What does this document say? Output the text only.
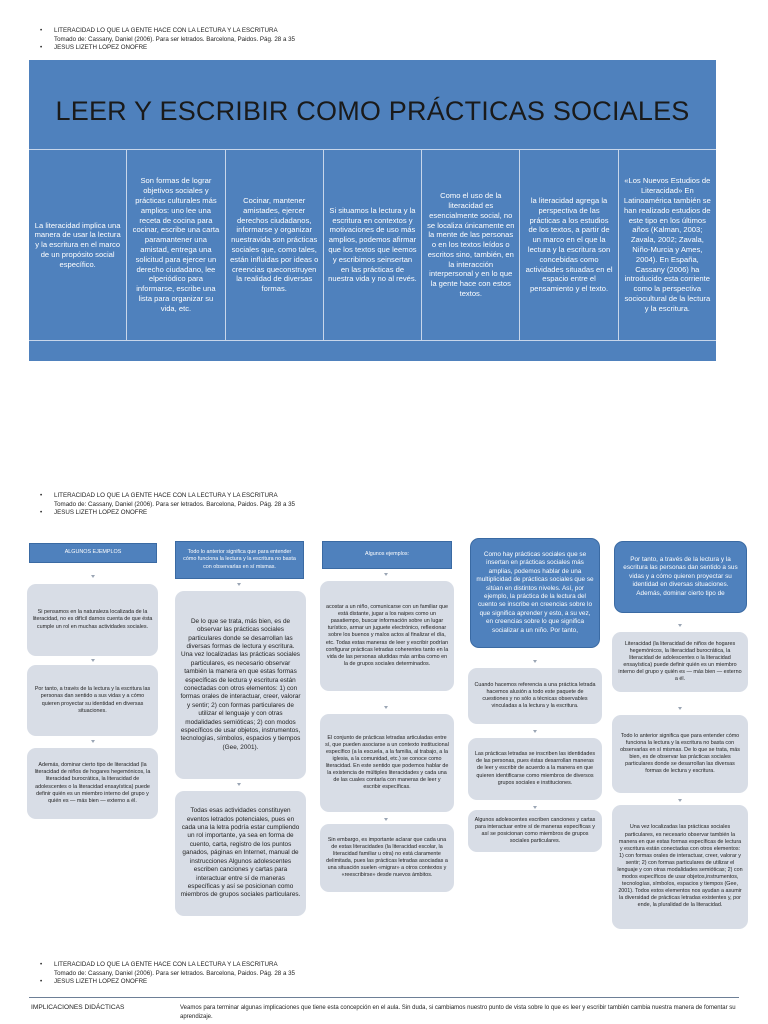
• LITERACIDAD LO QUE LA GENTE HACE CON LA LECTURA Y LA ESCRITURA
Tomado de: Cassany, Daniel (2006). Para ser letrados. Barcelona, Paidos. Pág. 28 a 35
• JESUS LIZETH LOPEZ ONOFRE
LEER Y ESCRIBIR COMO PRÁCTICAS SOCIALES
La literacidad implica una manera de usar la lectura y la escritura en el marco de un propósito social específico.
Son formas de lograr objetivos sociales y prácticas culturales más amplios: uno lee una receta de cocina para cocinar, escribe una carta paramantener una amistad, entrega una solicitud para ejercer un derecho ciudadano, lee elperiódico para informarse, escribe una lista para organizar su vida, etc.
Cocinar, mantener amistades, ejercer derechos ciudadanos, informarse y organizar nuestravida son prácticas sociales que, como tales, están influidas por ideas o creencias queconstruyen la realidad de diversas formas.
Si situamos la lectura y la escritura en contextos y motivaciones de uso más amplios, podemos afirmar que los textos que leemos y escribimos seinsertan en las prácticas de nuestra vida y no al revés.
Como el uso de la literacidad es esencialmente social, no se localiza únicamente en la mente de las personas o en los textos leídos o escritos sino, también, en la interacción interpersonal y en lo que la gente hace con estos textos.
la literacidad agrega la perspectiva de las prácticas a los estudios de los textos, a partir de un marco en el que la lectura y la escritura son concebidas como actividades situadas en el espacio entre el pensamiento y el texto.
«Los Nuevos Estudios de Literacidad» En Latinoamérica también se han realizado estudios de este tipo en los últimos años (Kalman, 2003; Zavala, 2002; Zavala, Niño-Murcia y Ames, 2004). En España, Cassany (2006) ha introducido esta corriente como la perspectiva sociocultural de la lectura y la escritura.
• LITERACIDAD LO QUE LA GENTE HACE CON LA LECTURA Y LA ESCRITURA
Tomado de: Cassany, Daniel (2006). Para ser letrados. Barcelona, Paidos. Pág. 28 a 35
• JESUS LIZETH LOPEZ ONOFRE
ALGUNOS EJEMPLOS
Si pensamos en la naturaleza localizada de la literacidad, no es difícil darnos cuenta de que ésta cumple un rol en muchas actividades sociales.
Por tanto, a través de la lectura y la escritura las personas dan sentido a sus vidas y a cómo quieren proyectar su identidad en diversas situaciones.
Además, dominar cierto tipo de literacidad (la literacidad de niños de hogares hegemónicos, la literacidad burocrática, la literacidad de adolescentes o la literacidad ensayística) puede definir quién es un miembro interno del grupo y quién es — más bien — externo a él.
Todo lo anterior significa que para entender cómo funciona la lectura y la escritura no basta con observarlas en sí mismas.
De lo que se trata, más bien, es de observar las prácticas sociales particulares donde se desarrollan las diversas formas de lectura y escritura. Una vez localizadas las prácticas sociales particulares, es necesario observar también la manera en que estas formas específicas de lectura y escritura están conectadas con otros elementos: 1) con formas orales de interactuar, creer, valorar y sentir; 2) con formas particulares de utilizar el lenguaje y con otras modalidades semióticas; 2) con modos específicos de usar objetos, instrumentos, tecnologías, símbolos, espacios y tiempos (Gee, 2001).
Todas esas actividades constituyen eventos letrados potenciales, pues en cada una la letra podría estar cumpliendo un rol importante, ya sea en forma de cuento, carta, registro de los puntos ganados, páginas en Internet, manual de instrucciones Algunos adolescentes escriben canciones y cartas para interactuar entre sí de maneras específicas y así se posicionan como miembros de grupos sociales particulares.
Algunos ejemplos:
acostar a un niño, comunicarse con un familiar que está distante, jugar a los naipes como un pasatiempo, buscar información sobre un lugar turístico, armar un juguete electrónico, reflexionar sobre los buenos y malos actos al finalizar el día, etc. Todas estas maneras de leer y escribir podrían configurar prácticas letradas coherentes tanto en la vida de las personas aludidas más arriba como en la de grupos sociales determinados.
El conjunto de prácticas letradas articuladas entre sí, que pueden asociarse a un contexto institucional específico (a la escuela, a la familia, al trabajo, a la iglesia, a la comunidad, etc.) se conoce como literacidad. En este sentido que podemos hablar de la existencia de múltiples literacidades y cada una de las cuales contaría con maneras de leer y escribir específicas.
Sin embargo, es importante aclarar que cada una de estas literacidades (la literacidad escolar, la literacidad familiar u otra) no está claramente delimitada, pues las prácticas letradas asociadas a una situación suelen «migrar» a otros contextos y «reescribirse» desde nuevos ámbitos.
Como hay prácticas sociales que se insertan en prácticas sociales más amplias, podemos hablar de una multiplicidad de prácticas sociales que se sitúan en distintos niveles. Así, por ejemplo, la práctica de la lectura del cuento se inscribe en creencias sobre lo que significa aprender y esto, a su vez, en creencias sobre lo que significa socializar a un niño. Por tanto,
Cuando hacemos referencia a una práctica letrada hacemos alusión a todo este paquete de cuestiones y no sólo a técnicas observables vinculadas a la lectura y la escritura.
Las prácticas letradas se inscriben las identidades de las personas, pues éstas desarrollan maneras de leer y escribir de acuerdo a la manera en que quieren identificarse como miembros de diversos grupos sociales e instituciones.
Algunos adolescentes escriben canciones y cartas para interactuar entre sí de maneras específicas y así se posicionan como miembros de grupos sociales particulares.
Por tanto, a través de la lectura y la escritura las personas dan sentido a sus vidas y a cómo quieren proyectar su identidad en diversas situaciones. Además, dominar cierto tipo de
Literacidad (la literacidad de niños de hogares hegemónicos, la literacidad burocrática, la literacidad de adolescentes o la literacidad ensayística) puede definir quién es un miembro interno del grupo y quién es — más bien — externo a él.
Todo lo anterior significa que para entender cómo funciona la lectura y la escritura no basta con observarlas en sí mismas. De lo que se trata, más bien, es de observar las prácticas sociales particulares donde se desarrollan las diversas formas de lectura y escritura.
Una vez localizadas las prácticas sociales particulares, es necesario observar también la manera en que estas formas específicas de lectura y escritura están conectadas con otros elementos: 1) con formas orales de interactuar, creer, valorar y sentir; 2) con formas particulares de utilizar el lenguaje y con otras modalidades semióticas; 2) con modos específicos de usar objetos,instrumentos, tecnologías, símbolos, espacios y tiempos (Gee, 2001). Todos estos elementos nos ayudan a asumir la diversidad de prácticas letradas existentes y, por ende, la pluralidad de la literacidad.
• LITERACIDAD LO QUE LA GENTE HACE CON LA LECTURA Y LA ESCRITURA
Tomado de: Cassany, Daniel (2006). Para ser letrados. Barcelona, Paidos. Pág. 28 a 35
• JESUS LIZETH LOPEZ ONOFRE
IMPLICACIONES DIDÁCTICAS	Veamos para terminar algunas implicaciones que tiene esta concepción en el aula. Sin duda, si cambiamos nuestro punto de vista sobre lo que es leer y escribir también cambia nuestra manera de fomentar su aprendizaje.
